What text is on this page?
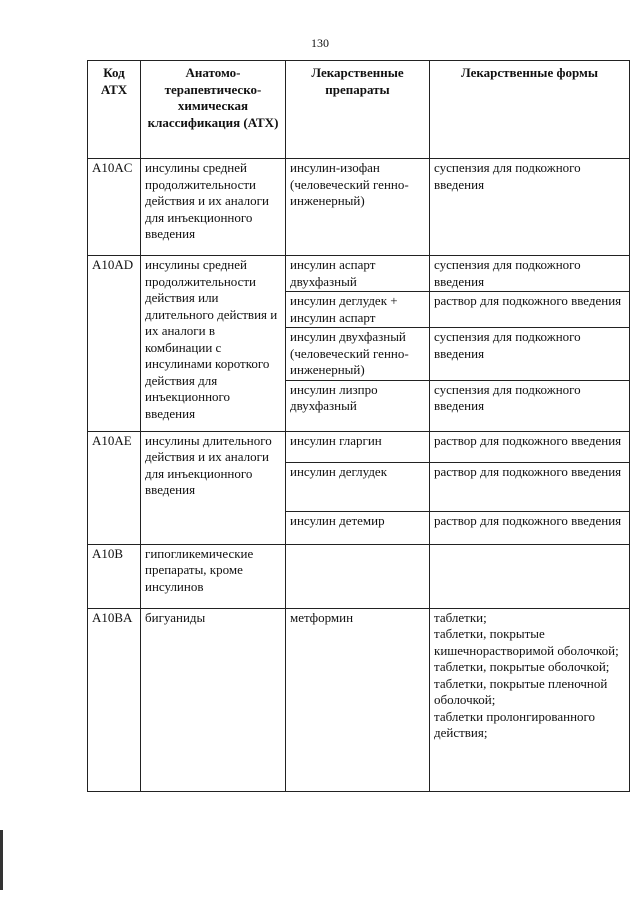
130
Код АТХ	Анатомо-терапевтическо-химическая классификация (АТХ)	Лекарственные препараты	Лекарственные формы
A10AC	инсулины средней продолжительности действия и их аналоги для инъекционного введения	инсулин-изофан (человеческий генно-инженерный)	суспензия для подкожного введения
A10AD	инсулины средней продолжительности действия или длительного действия и их аналоги в комбинации с инсулинами короткого действия для инъекционного введения	инсулин аспарт двухфазный	суспензия для подкожного введения
		инсулин деглудек + инсулин аспарт	раствор для подкожного введения
		инсулин двухфазный (человеческий генно-инженерный)	суспензия для подкожного введения
		инсулин лизпро двухфазный	суспензия для подкожного введения
A10AE	инсулины длительного действия и их аналоги для инъекционного введения	инсулин гларгин	раствор для подкожного введения
		инсулин деглудек	раствор для подкожного введения
		инсулин детемир	раствор для подкожного введения
A10B	гипогликемические препараты, кроме инсулинов		
A10BA	бигуаниды	метформин	таблетки;
таблетки, покрытые кишечнорастворимой оболочкой;
таблетки, покрытые оболочкой;
таблетки, покрытые пленочной оболочкой;
таблетки пролонгированного действия;
